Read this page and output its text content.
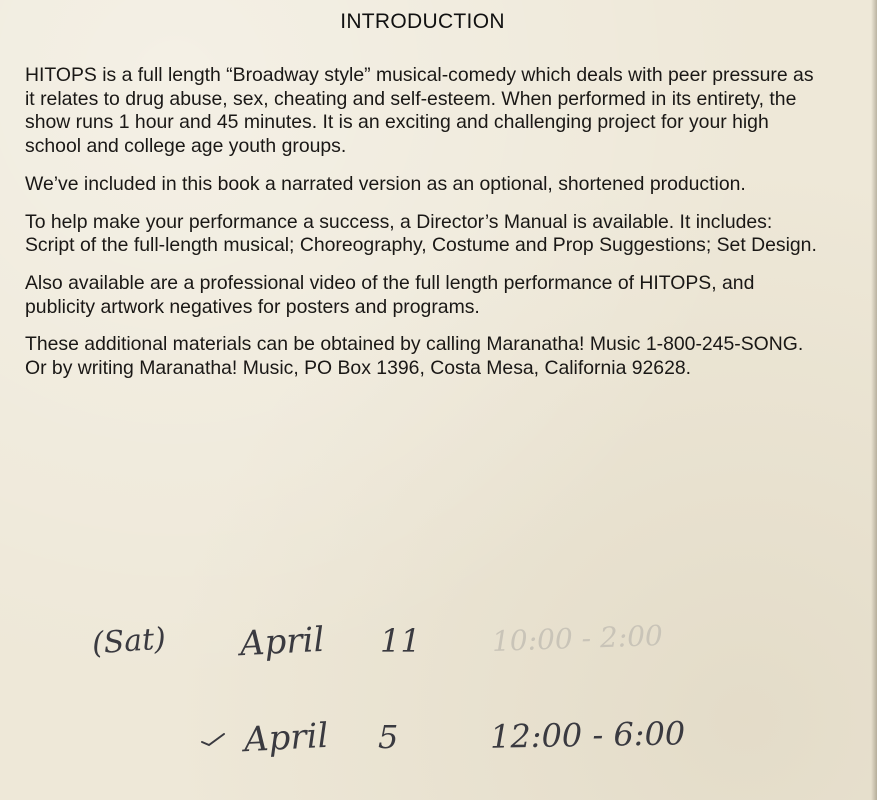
INTRODUCTION

HITOPS is a full length “Broadway style” musical-comedy which deals with peer pressure as it relates to drug abuse, sex, cheating and self-esteem. When performed in its entirety, the show runs 1 hour and 45 minutes. It is an exciting and challenging project for your high school and college age youth groups.

We’ve included in this book a narrated version as an optional, shortened production.

To help make your performance a success, a Director’s Manual is available. It includes: Script of the full-length musical; Choreography, Costume and Prop Suggestions; Set Design.

Also available are a professional video of the full length performance of HITOPS, and publicity artwork negatives for posters and programs.

These additional materials can be obtained by calling Maranatha! Music 1-800-245-SONG. Or by writing Maranatha! Music, PO Box 1396, Costa Mesa, California 92628.

(Sat) April 11	10:00 - 2:00
April 5	12:00 - 6:00
